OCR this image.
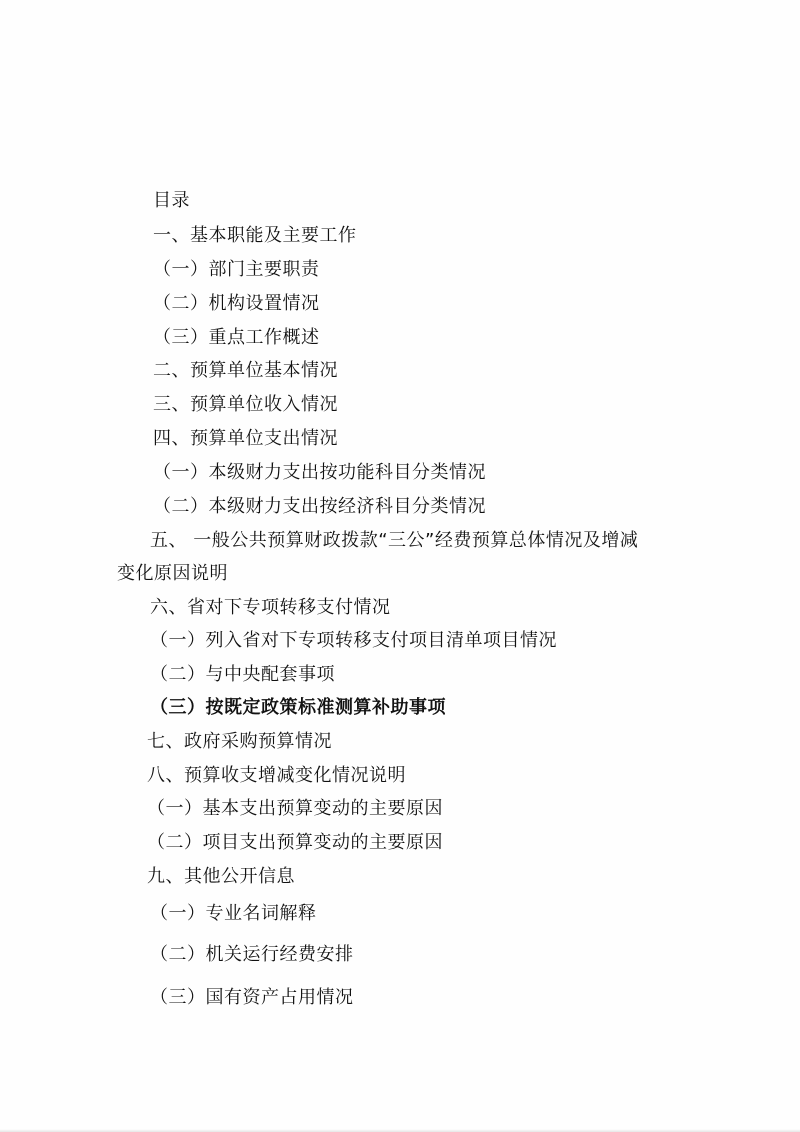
目录
一、基本职能及主要工作
（一）部门主要职责
（二）机构设置情况
（三）重点工作概述
二、预算单位基本情况
三、预算单位收入情况
四、预算单位支出情况
（一）本级财力支出按功能科目分类情况
（二）本级财力支出按经济科目分类情况
五、 一般公共预算财政拨款“三公”经费预算总体情况及增减
变化原因说明
六、省对下专项转移支付情况
（一）列入省对下专项转移支付项目清单项目情况
（二）与中央配套事项
（三）按既定政策标准测算补助事项
七、政府采购预算情况
八、预算收支增减变化情况说明
（一）基本支出预算变动的主要原因
（二）项目支出预算变动的主要原因
九、其他公开信息
（一）专业名词解释
（二）机关运行经费安排
（三）国有资产占用情况
